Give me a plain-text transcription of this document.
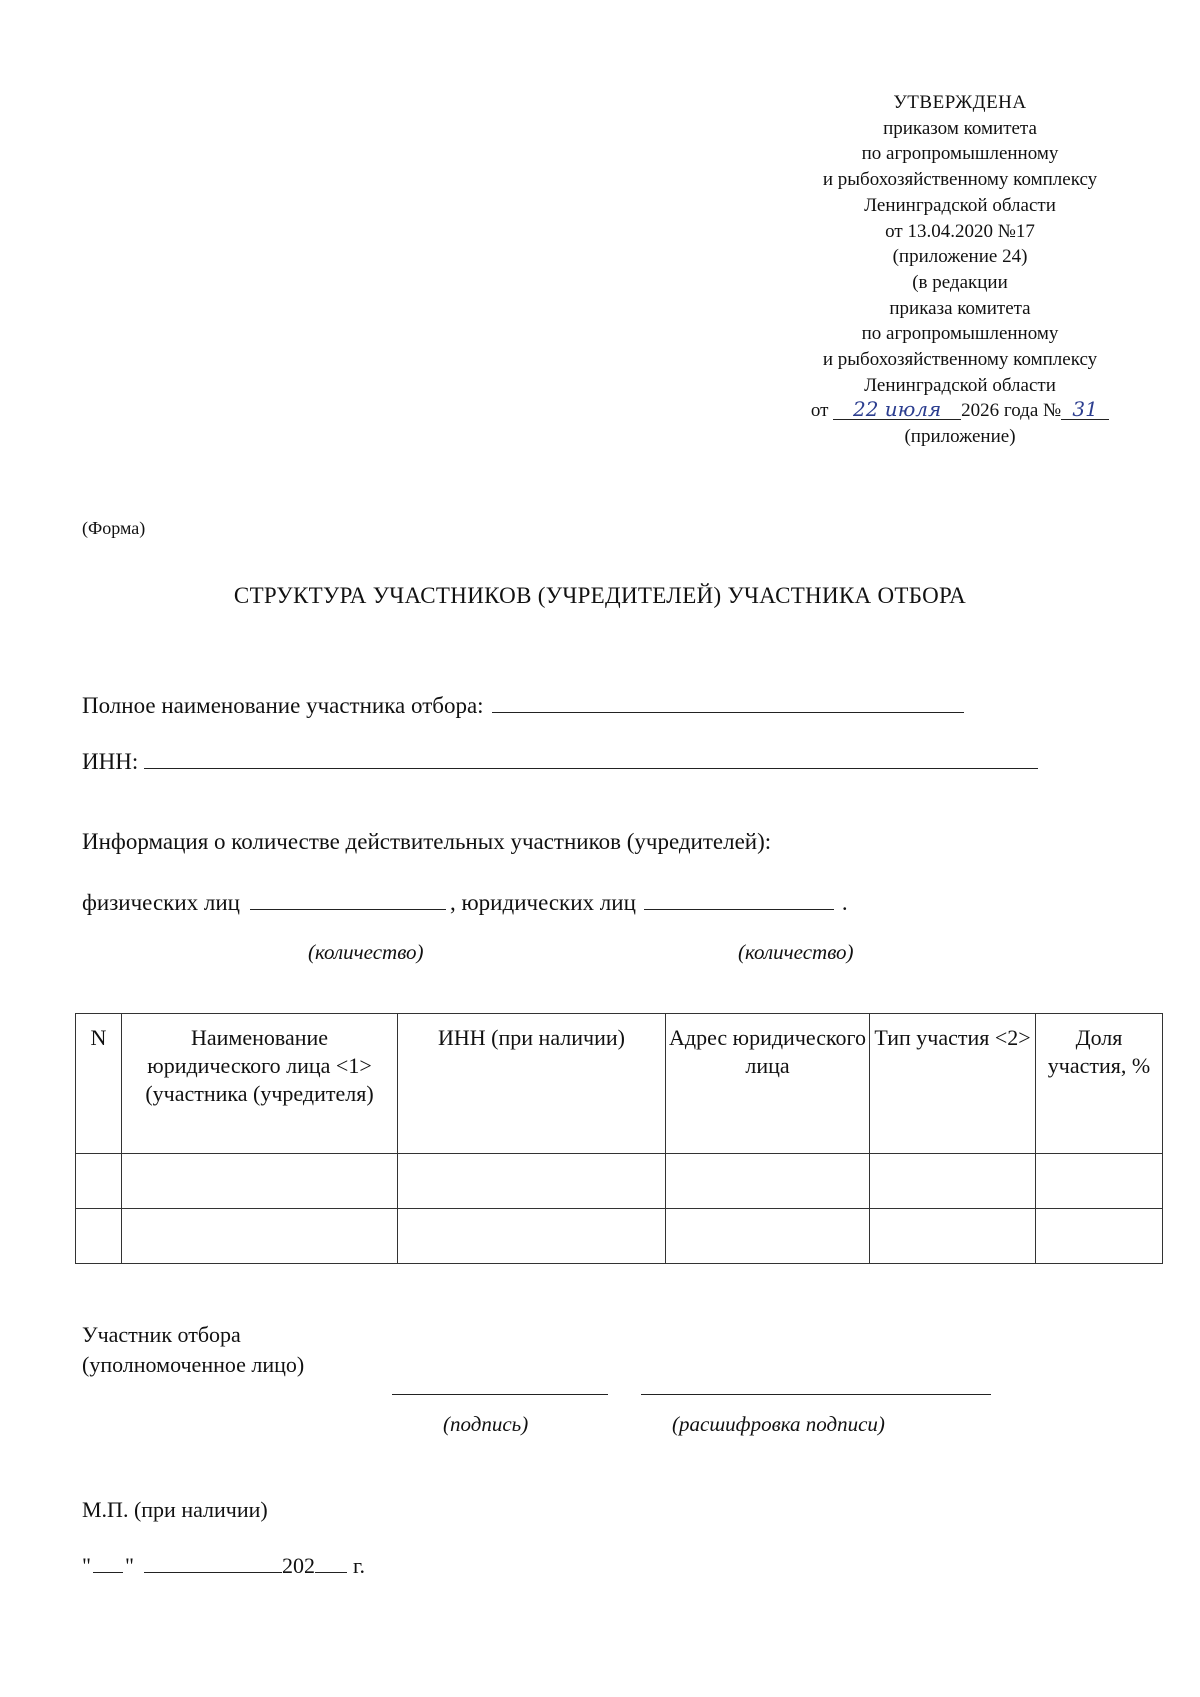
УТВЕРЖДЕНА
приказом комитета
по агропромышленному
и рыбохозяйственному комплексу
Ленинградской области
от 13.04.2020 №17
(приложение 24)
(в редакции
приказа комитета
по агропромышленному
и рыбохозяйственному комплексу
Ленинградской области
от 22 июля 2026 года № 31
(приложение)
(Форма)
СТРУКТУРА УЧАСТНИКОВ (УЧРЕДИТЕЛЕЙ) УЧАСТНИКА ОТБОРА
Полное наименование участника отбора:
ИНН:
Информация о количестве действительных участников (учредителей):
физических лиц	, юридических лиц	.
(количество)	(количество)
N	Наименование юридического лица <1> (участника (учредителя)	ИНН (при наличии)	Адрес юридического лица	Тип участия <2>	Доля участия, %

Участник отбора
(уполномоченное лицо)
(подпись)	(расшифровка подписи)
М.П. (при наличии)
" "	202 г.
